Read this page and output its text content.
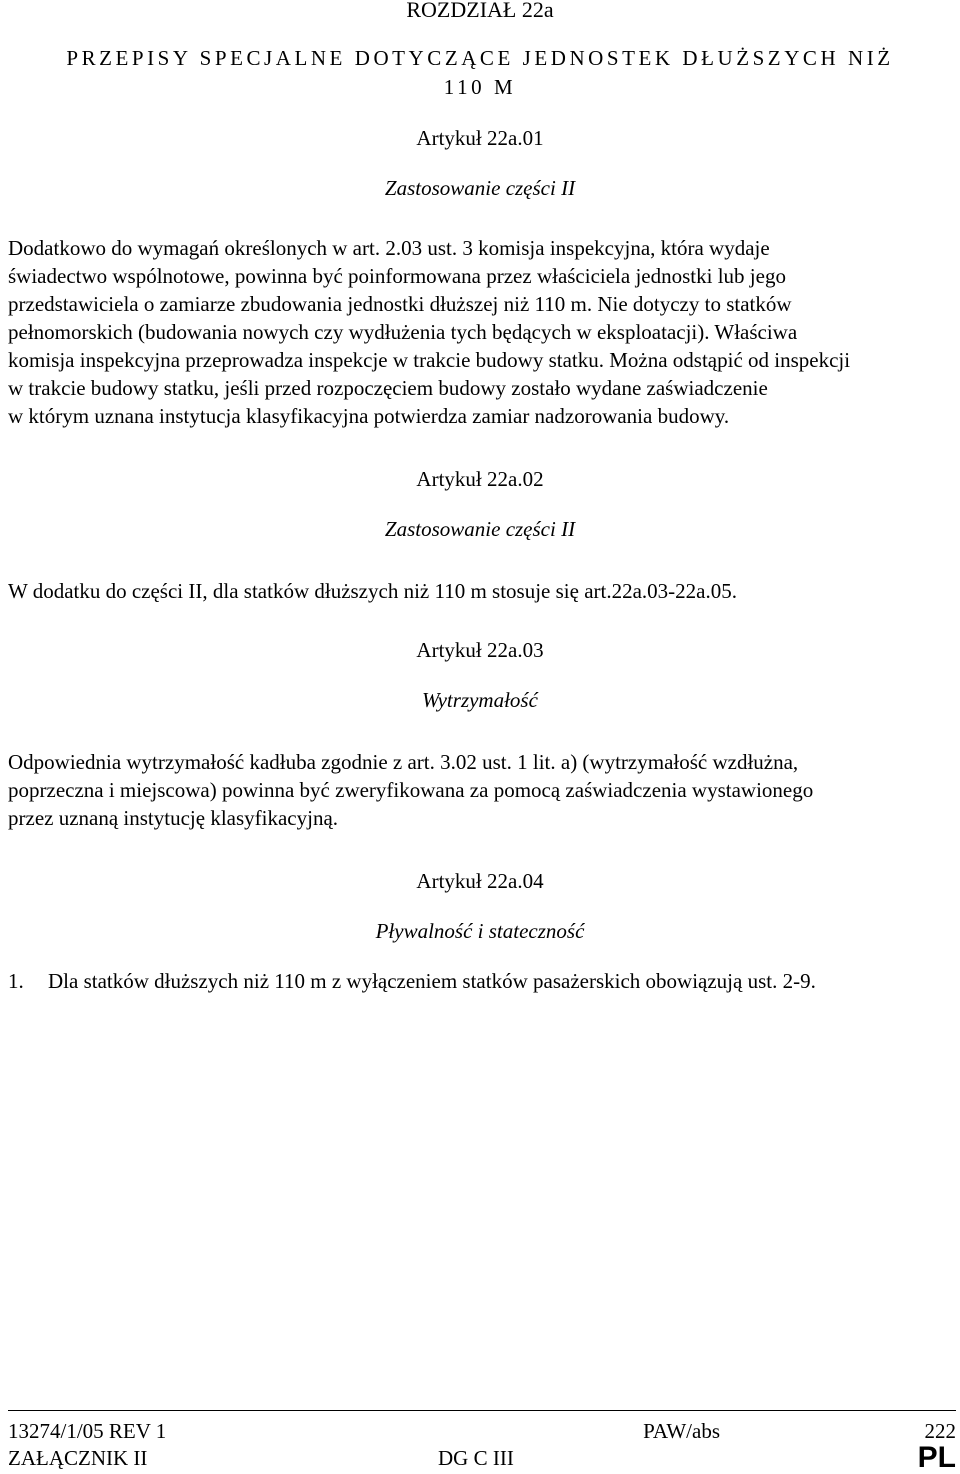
ROZDZIAŁ 22a
PRZEPISY SPECJALNE DOTYCZĄCE JEDNOSTEK DŁUŻSZYCH NIŻ
110 M
Artykuł 22a.01
Zastosowanie części II
Dodatkowo do wymagań określonych w art. 2.03 ust. 3 komisja inspekcyjna, która wydaje
świadectwo wspólnotowe, powinna być poinformowana przez właściciela jednostki lub jego
przedstawiciela o zamiarze zbudowania jednostki dłuższej niż 110 m. Nie dotyczy to statków
pełnomorskich (budowania nowych czy wydłużenia tych będących w eksploatacji). Właściwa
komisja inspekcyjna przeprowadza inspekcje w trakcie budowy statku. Można odstąpić od inspekcji
w trakcie budowy statku, jeśli przed rozpoczęciem budowy zostało wydane zaświadczenie
w którym uznana instytucja klasyfikacyjna potwierdza zamiar nadzorowania budowy.
Artykuł 22a.02
Zastosowanie części II
W dodatku do części II, dla statków dłuższych niż 110 m stosuje się art.22a.03-22a.05.
Artykuł 22a.03
Wytrzymałość
Odpowiednia wytrzymałość kadłuba zgodnie z art. 3.02 ust. 1 lit. a) (wytrzymałość wzdłużna,
poprzeczna i miejscowa) powinna być zweryfikowana za pomocą zaświadczenia wystawionego
przez uznaną instytucję klasyfikacyjną.
Artykuł 22a.04
Pływalność i stateczność
1. Dla statków dłuższych niż 110 m z wyłączeniem statków pasażerskich obowiązują ust. 2-9.
13274/1/05 REV 1	PAW/abs	222
ZAŁĄCZNIK II	DG C III	PL
